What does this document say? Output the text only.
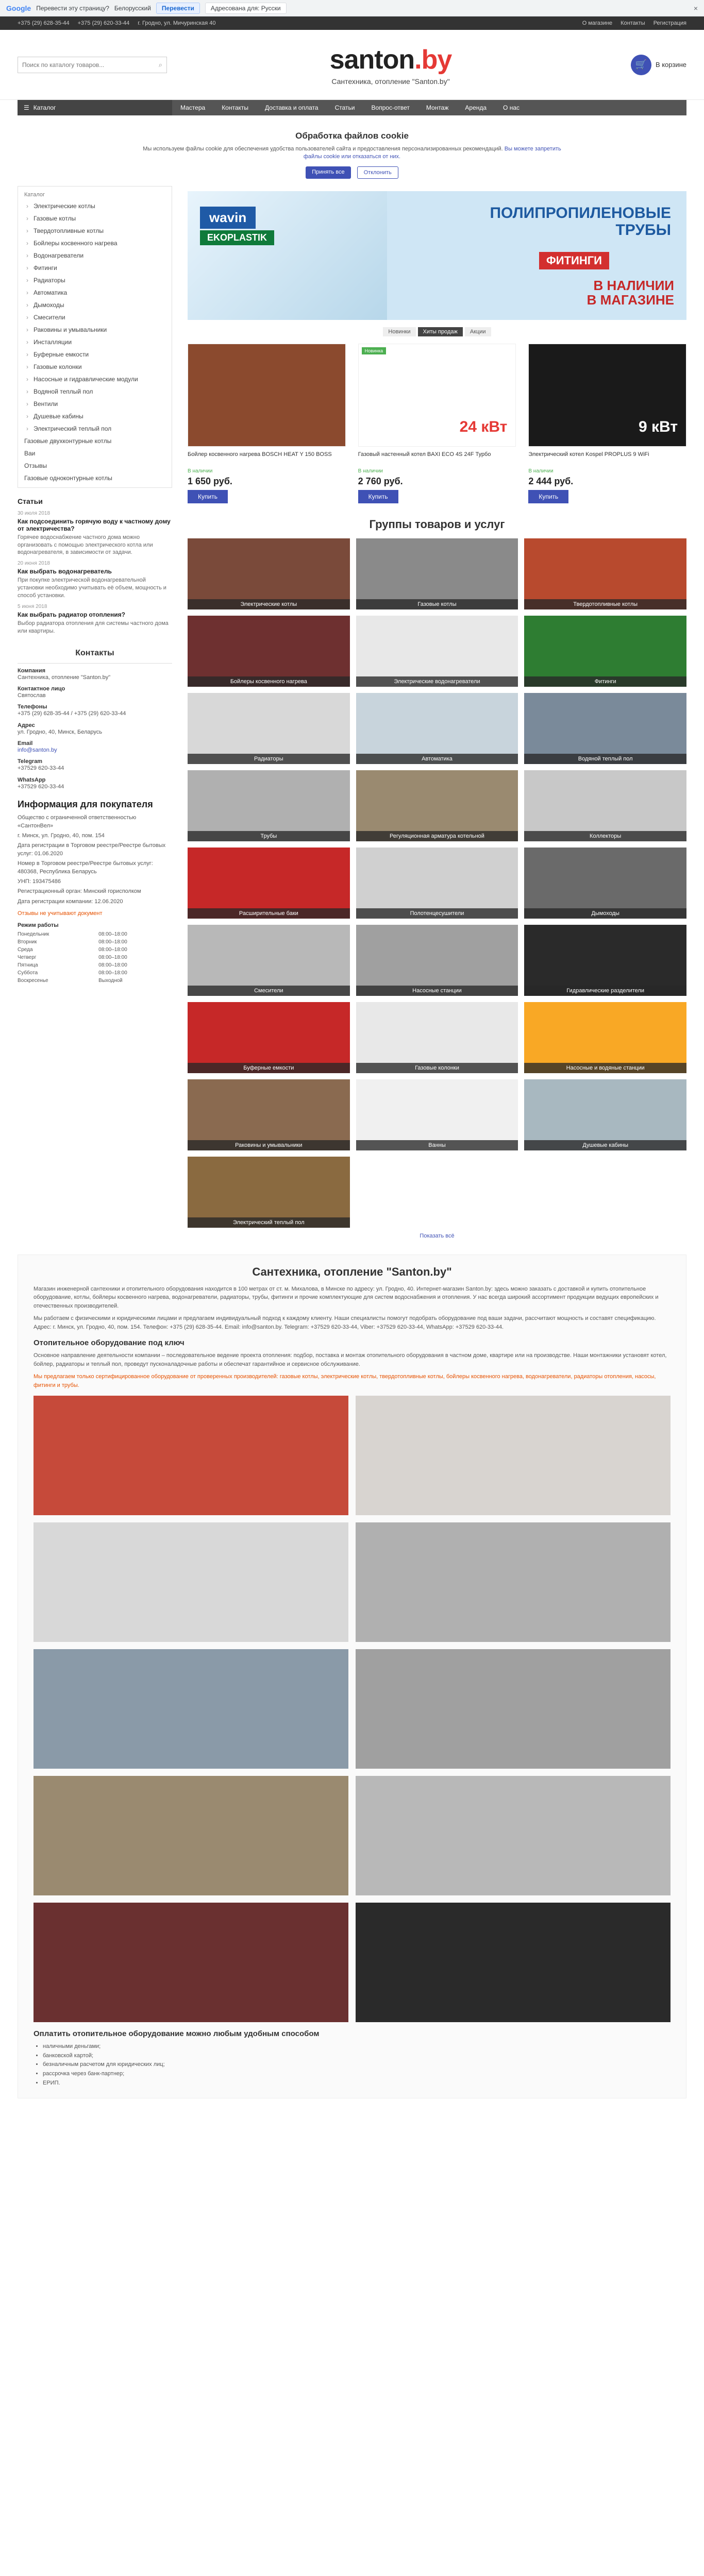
Google Перевести эту страницу? Белорусский	Перевести	Адресована для: Русски	×
+375 (29) 628-35-44 +375 (29) 620-33-44 г. Гродно, ул. Мичуринская 40	О магазине Контакты Регистрация
Поиск по каталогу товаров...
⌕	santon.by
Сантехника, отопление "Santon.by"
🛒	В корзине
☰ Каталог	Мастера	Контакты	Доставка и оплата	Статьи	Вопрос-ответ	Монтаж	Аренда	О нас
Обработка файлов cookie

Мы используем файлы cookie для обеспечения удобства пользователей сайта и предоставления персонализированных рекомендаций. Вы можете запретить файлы cookie или отказаться от них.

Принять все	Отклонить
Каталог
› Электрические котлы
› Газовые котлы
› Твердотопливные котлы
› Бойлеры косвенного нагрева
› Водонагреватели
› Фитинги
› Радиаторы
› Автоматика
› Дымоходы
› Смесители
› Раковины и умывальники
› Инсталляции
› Буферные емкости
› Газовые колонки
› Насосные и гидравлические модули
› Водяной теплый пол
› Вентили
› Душевые кабины
› Электрический теплый пол
Газовые двухконтурные котлы
Ваи
Отзывы
Газовые одноконтурные котлы
Статьи
30 июля 2018
Как подсоединить горячую воду к частному дому от электричества?
Горячее водоснабжение частного дома можно организовать с помощью электрического котла или водонагревателя, в зависимости от задачи.
20 июня 2018
Как выбрать водонагреватель
При покупке электрической водонагревательной установки необходимо учитывать её объем, мощность и способ установки.
5 июня 2018
Как выбрать радиатор отопления?
Выбор радиатора отопления для системы частного дома или квартиры.
Контакты
Компания
Сантехника, отопление "Santon.by"
Контактное лицо
Святослав
Телефоны
+375 (29) 628-35-44 / +375 (29) 620-33-44
Адрес
ул. Гродно, 40, Минск, Беларусь
Email
info@santon.by
Telegram
+37529 620-33-44
WhatsApp
+37529 620-33-44
Информация для покупателя
Общество с ограниченной ответственностью «СантонВел»
г. Минск, ул. Гродно, 40, пом. 154
Дата регистрации в Торговом реестре/Реестре бытовых услуг: 01.06.2020
Номер в Торговом реестре/Реестре бытовых услуг: 480368, Республика Беларусь
УНП: 193475486
Регистрационный орган: Минский горисполком
Дата регистрации компании: 12.06.2020
Отзывы не учитывают документ
Режим работы
Понедельник	08:00–18:00
Вторник	08:00–18:00
Среда	08:00–18:00
Четверг	08:00–18:00
Пятница	08:00–18:00
Суббота	08:00–18:00
Воскресенье	Выходной
wavin
EKOPLASTIK
ПОЛИПРОПИЛЕНОВЫЕ
ТРУБЫ
ФИТИНГИ
В НАЛИЧИИ
В МАГАЗИНЕ
Новинки	Хиты продаж	Акции
Бойлер косвенного нагрева BOSCH HEAT Y 150 BOSS
В наличии
1 650 руб.
Купить
Новинка
24 кВт
Газовый настенный котел BAXI ECO 4S 24F Турбо
В наличии
2 760 руб.
Купить
9 кВт
Электрический котел Kospel PROPLUS 9 WiFi
В наличии
2 444 руб.
Купить
Группы товаров и услуг
Электрические котлы	Газовые котлы	Твердотопливные котлы
Бойлеры косвенного нагрева	Электрические водонагреватели	Фитинги
Радиаторы	Автоматика	Водяной теплый пол
Трубы	Регуляционная арматура котельной	Коллекторы
Расширительные баки	Полотенцесушители	Дымоходы
Смесители	Насосные станции	Гидравлические разделители
Буферные емкости	Газовые колонки	Насосные и водяные станции
Раковины и умывальники	Ванны	Душевые кабины
Электрический теплый пол
Показать всё
Сантехника, отопление "Santon.by"

Магазин инженерной сантехники и отопительного оборудования находится в 100 метрах от ст. м. Михалова, в Минске по адресу: ул. Гродно, 40. Интернет-магазин Santon.by: здесь можно заказать с доставкой и купить отопительное оборудование, котлы, бойлеры косвенного нагрева, водонагреватели, радиаторы, трубы, фитинги и прочие комплектующие для систем водоснабжения и отопления. У нас всегда широкий ассортимент продукции ведущих европейских и отечественных производителей.

Мы работаем с физическими и юридическими лицами и предлагаем индивидуальный подход к каждому клиенту. Наши специалисты помогут подобрать оборудование под ваши задачи, рассчитают мощность и составят спецификацию. Адрес: г. Минск, ул. Гродно, 40, пом. 154. Телефон: +375 (29) 628-35-44. Email: info@santon.by. Telegram: +37529 620-33-44, Viber: +37529 620-33-44, WhatsApp: +37529 620-33-44.

Отопительное оборудование под ключ

Основное направление деятельности компании – последовательное ведение проекта отопления: подбор, поставка и монтаж отопительного оборудования в частном доме, квартире или на производстве. Наши монтажники установят котел, бойлер, радиаторы и теплый пол, проведут пусконаладочные работы и обеспечат гарантийное и сервисное обслуживание.

Мы предлагаем только сертифицированное оборудование от проверенных производителей: газовые котлы, электрические котлы, твердотопливные котлы, бойлеры косвенного нагрева, водонагреватели, радиаторы отопления, насосы, фитинги и трубы.

Оплатить отопительное оборудование можно любым удобным способом
• наличными деньгами;
• банковской картой;
• безналичным расчетом для юридических лиц;
• рассрочка через банк-партнер;
• ЕРИП.
